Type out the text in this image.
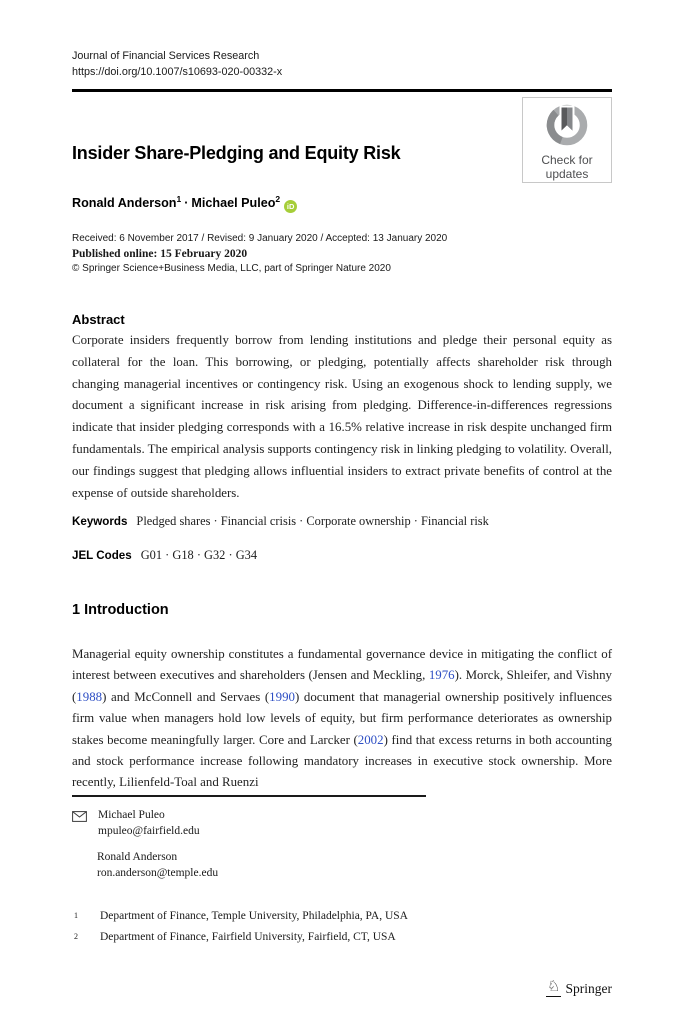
Journal of Financial Services Research
https://doi.org/10.1007/s10693-020-00332-x
Check for
updates
Insider Share-Pledging and Equity Risk
Ronald Anderson$^1$ · Michael Puleo$^2$iD
Received: 6 November 2017 / Revised: 9 January 2020 / Accepted: 13 January 2020
Published online: 15 February 2020
© Springer Science+Business Media, LLC, part of Springer Nature 2020
Abstract
Corporate insiders frequently borrow from lending institutions and pledge their personal equity as collateral for the loan. This borrowing, or pledging, potentially affects shareholder risk through changing managerial incentives or contingency risk. Using an exogenous shock to lending supply, we document a significant increase in risk arising from pledging. Difference-in-differences regressions indicate that insider pledging corresponds with a 16.5% relative increase in risk despite unchanged firm fundamentals. The empirical analysis supports contingency risk in linking pledging to volatility. Overall, our findings suggest that pledging allows influential insiders to extract private benefits of control at the expense of outside shareholders.
Keywords Pledged shares · Financial crisis · Corporate ownership · Financial risk
JEL Codes G01 · G18 · G32 · G34
1 Introduction
Managerial equity ownership constitutes a fundamental governance device in mitigating the conflict of interest between executives and shareholders (Jensen and Meckling, 1976). Morck, Shleifer, and Vishny (1988) and McConnell and Servaes (1990) document that managerial ownership positively influences firm value when managers hold low levels of equity, but firm performance deteriorates as ownership stakes become meaningfully larger. Core and Larcker (2002) find that excess returns in both accounting and stock performance increase following mandatory increases in executive stock ownership. More recently, Lilienfeld-Toal and Ruenzi
Michael Puleo
mpuleo@fairfield.edu
Ronald Anderson
ron.anderson@temple.edu
1	Department of Finance, Temple University, Philadelphia, PA, USA
2	Department of Finance, Fairfield University, Fairfield, CT, USA
♘ Springer
